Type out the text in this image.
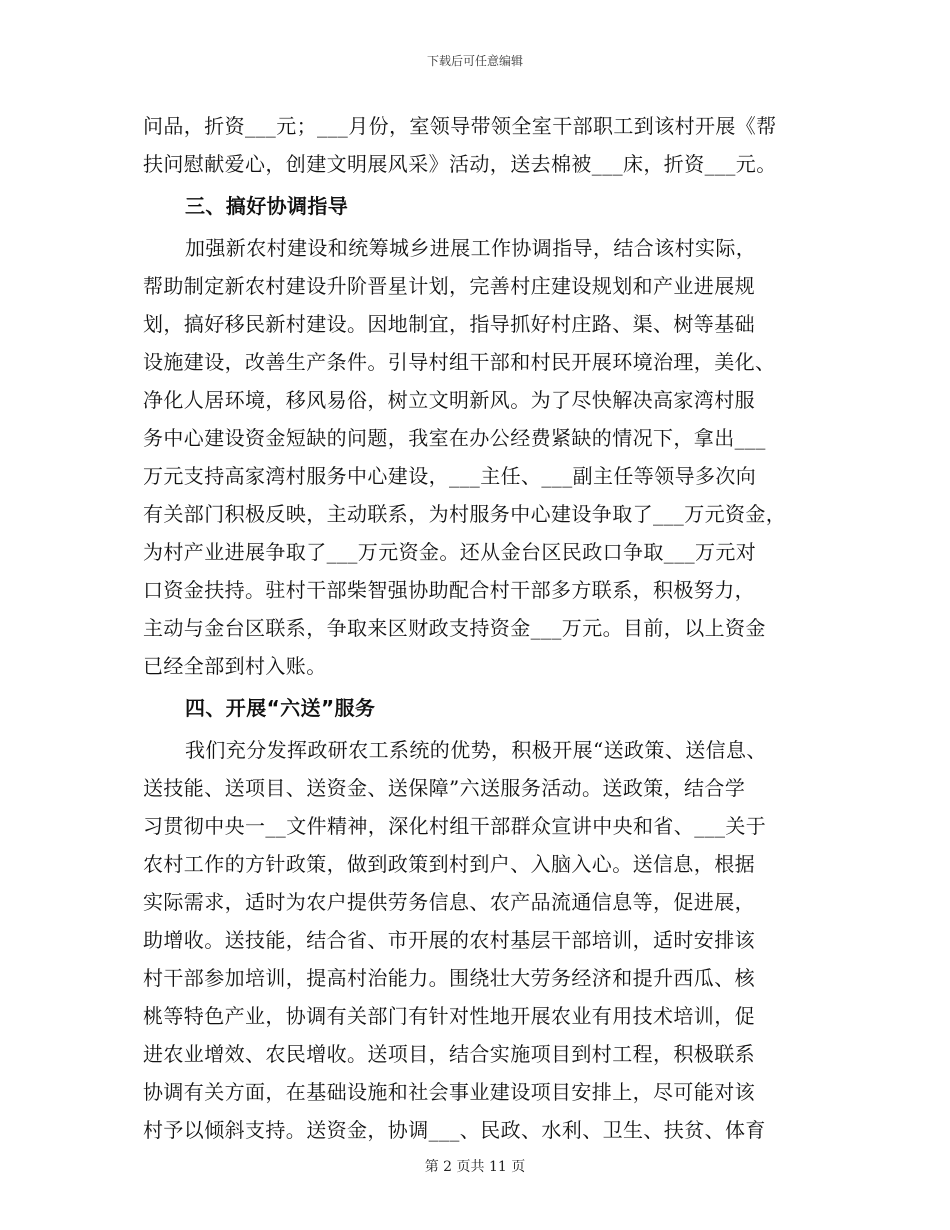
下载后可任意编辑
问品，折资___元；___月份，室领导带领全室干部职工到该村开展《帮
扶问慰献爱心，创建文明展风采》活动，送去棉被___床，折资___元。
三、搞好协调指导
加强新农村建设和统筹城乡进展工作协调指导，结合该村实际，
帮助制定新农村建设升阶晋星计划，完善村庄建设规划和产业进展规
划，搞好移民新村建设。因地制宜，指导抓好村庄路、渠、树等基础
设施建设，改善生产条件。引导村组干部和村民开展环境治理，美化、
净化人居环境，移风易俗，树立文明新风。为了尽快解决高家湾村服
务中心建设资金短缺的问题，我室在办公经费紧缺的情况下，拿出___
万元支持高家湾村服务中心建设，___主任、___副主任等领导多次向
有关部门积极反映，主动联系，为村服务中心建设争取了___万元资金，
为村产业进展争取了___万元资金。还从金台区民政口争取___万元对
口资金扶持。驻村干部柴智强协助配合村干部多方联系，积极努力，
主动与金台区联系，争取来区财政支持资金___万元。目前，以上资金
已经全部到村入账。
四、开展“六送”服务
我们充分发挥政研农工系统的优势，积极开展“送政策、送信息、
送技能、送项目、送资金、送保障”六送服务活动。送政策，结合学
习贯彻中央一__文件精神，深化村组干部群众宣讲中央和省、___关于
农村工作的方针政策，做到政策到村到户、入脑入心。送信息，根据
实际需求，适时为农户提供劳务信息、农产品流通信息等，促进展，
助增收。送技能，结合省、市开展的农村基层干部培训，适时安排该
村干部参加培训，提高村治能力。围绕壮大劳务经济和提升西瓜、核
桃等特色产业，协调有关部门有针对性地开展农业有用技术培训，促
进农业增效、农民增收。送项目，结合实施项目到村工程，积极联系
协调有关方面，在基础设施和社会事业建设项目安排上，尽可能对该
村予以倾斜支持。送资金，协调___、民政、水利、卫生、扶贫、体育
第 2 页共 11 页
